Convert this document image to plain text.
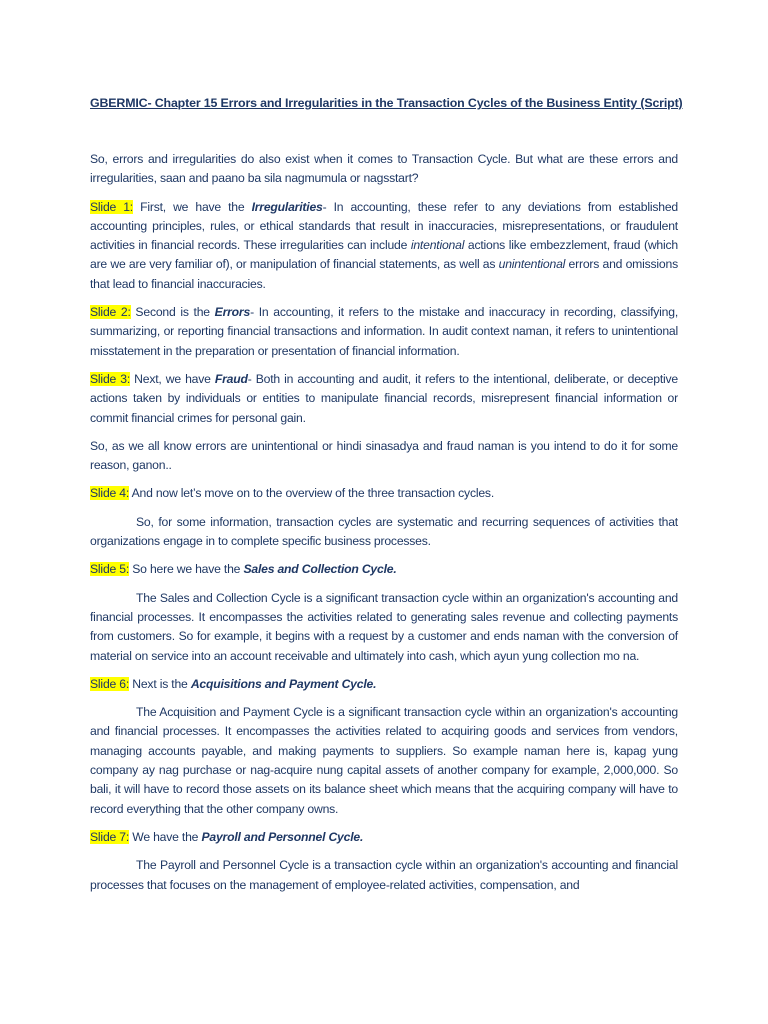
GBERMIC- Chapter 15 Errors and Irregularities in the Transaction Cycles of the Business Entity (Script)

So, errors and irregularities do also exist when it comes to Transaction Cycle. But what are these errors and irregularities, saan and paano ba sila nagmumula or nagsstart?

Slide 1: First, we have the Irregularities- In accounting, these refer to any deviations from established accounting principles, rules, or ethical standards that result in inaccuracies, misrepresentations, or fraudulent activities in financial records. These irregularities can include intentional actions like embezzlement, fraud (which are we are very familiar of), or manipulation of financial statements, as well as unintentional errors and omissions that lead to financial inaccuracies.

Slide 2: Second is the Errors- In accounting, it refers to the mistake and inaccuracy in recording, classifying, summarizing, or reporting financial transactions and information. In audit context naman, it refers to unintentional misstatement in the preparation or presentation of financial information.

Slide 3: Next, we have Fraud- Both in accounting and audit, it refers to the intentional, deliberate, or deceptive actions taken by individuals or entities to manipulate financial records, misrepresent financial information or commit financial crimes for personal gain.

So, as we all know errors are unintentional or hindi sinasadya and fraud naman is you intend to do it for some reason, ganon..

Slide 4: And now let’s move on to the overview of the three transaction cycles.

So, for some information, transaction cycles are systematic and recurring sequences of activities that organizations engage in to complete specific business processes.

Slide 5: So here we have the Sales and Collection Cycle.

The Sales and Collection Cycle is a significant transaction cycle within an organization's accounting and financial processes. It encompasses the activities related to generating sales revenue and collecting payments from customers. So for example, it begins with a request by a customer and ends naman with the conversion of material on service into an account receivable and ultimately into cash, which ayun yung collection mo na.

Slide 6: Next is the Acquisitions and Payment Cycle.

The Acquisition and Payment Cycle is a significant transaction cycle within an organization's accounting and financial processes. It encompasses the activities related to acquiring goods and services from vendors, managing accounts payable, and making payments to suppliers. So example naman here is, kapag yung company ay nag purchase or nag-acquire nung capital assets of another company for example, 2,000,000. So bali, it will have to record those assets on its balance sheet which means that the acquiring company will have to record everything that the other company owns.

Slide 7: We have the Payroll and Personnel Cycle.

The Payroll and Personnel Cycle is a transaction cycle within an organization's accounting and financial processes that focuses on the management of employee-related activities, compensation, and
